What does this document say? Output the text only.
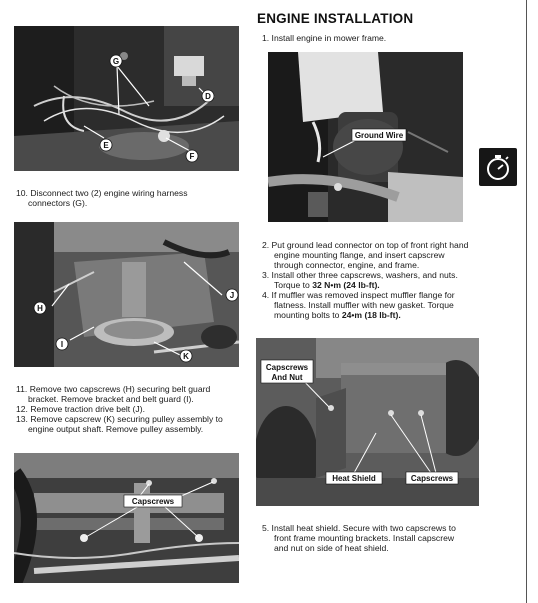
G
D
E
F

10. Disconnect two (2) engine wiring harness

connectors (G).

H
J
I
K

11. Remove two capscrews (H) securing belt guard

bracket. Remove bracket and belt guard (I).

12. Remove traction drive belt (J).

13. Remove capscrew (K) securing pulley assembly to

engine output shaft. Remove pulley assembly.

Capscrews
ENGINE INSTALLATION

1. Install engine in mower frame.

Ground Wire

2. Put ground lead connector on top of front right hand

engine mounting flange, and insert capscrew

through connector, engine, and frame.

3. Install other three capscrews, washers, and nuts.

Torque to 32 N•m (24 lb-ft).

4. If muffler was removed inspect muffler flange for

flatness. Install muffler with new gasket. Torque

mounting bolts to 24•m (18 lb-ft).

Capscrews
And Nut
Heat Shield	Capscrews

5. Install heat shield. Secure with two capscrews to

front frame mounting brackets. Install capscrew

and nut on side of heat shield.
